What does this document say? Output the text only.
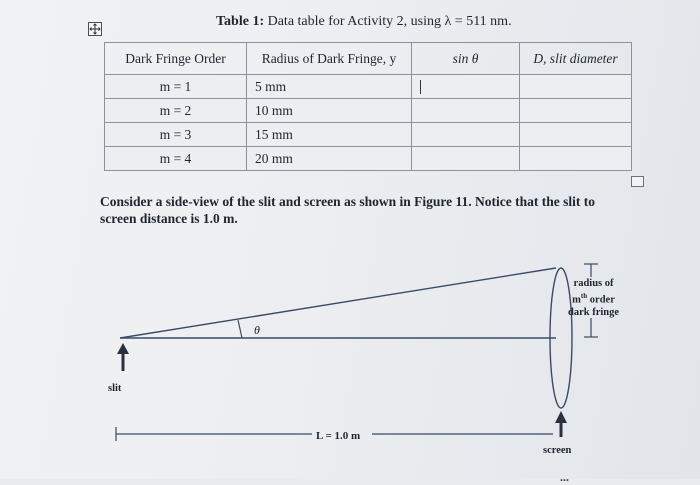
Table 1: Data table for Activity 2, using λ = 511 nm.
Dark Fringe Order	Radius of Dark Fringe, y	sin θ	D, slit diameter
m = 1	5 mm		
m = 2	10 mm		
m = 3	15 mm		
m = 4	20 mm		
Consider a side-view of the slit and screen as shown in Figure 11. Notice that the slit to
screen distance is 1.0 m.
θ
slit
screen
L = 1.0 m
radius of
$m^{th}$ order
dark fringe
...
